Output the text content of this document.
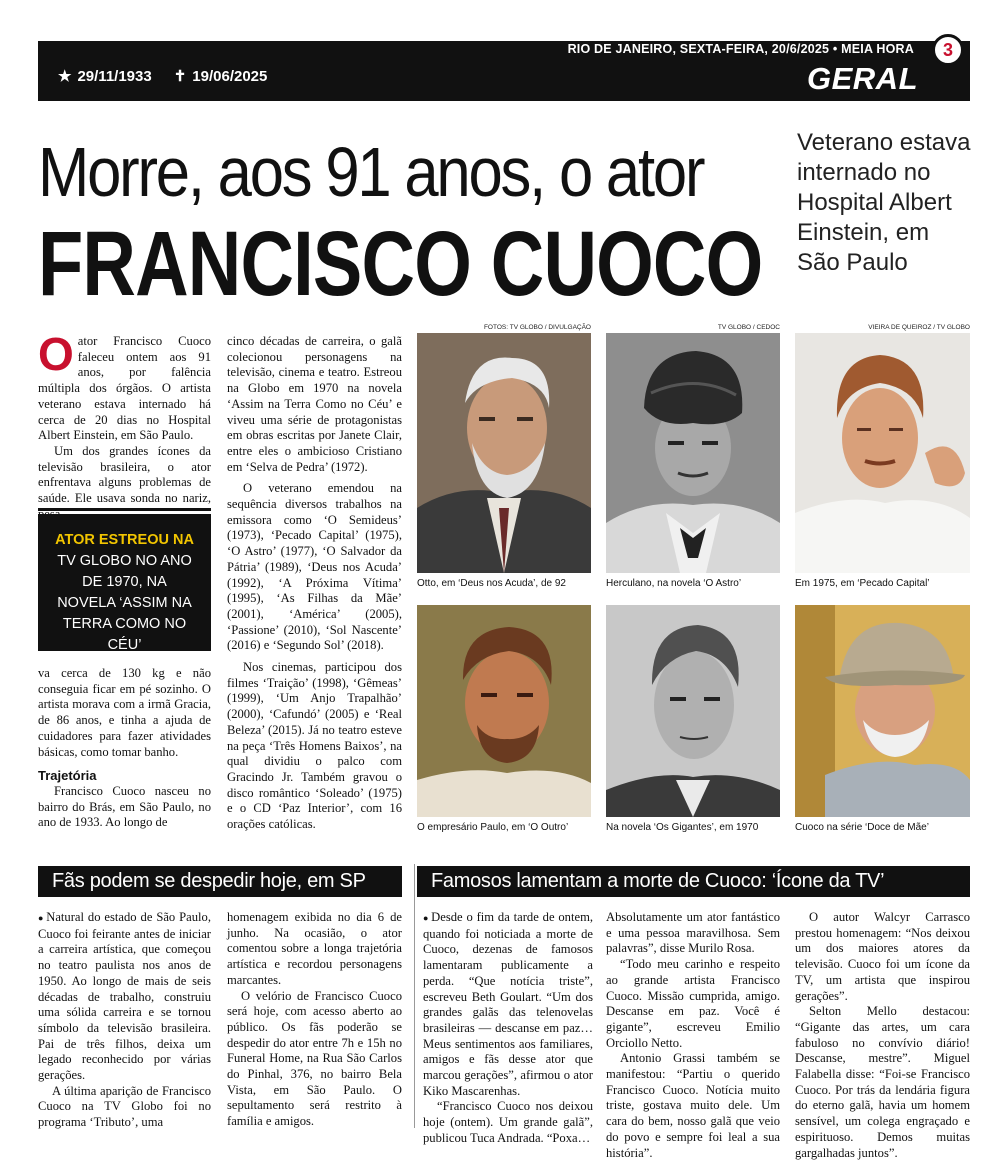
RIO DE JANEIRO, SEXTA-FEIRA, 20/6/2025 • MEIA HORA	3
★ 29/11/1933 ✝ 19/06/2025	GERAL
Morre, aos 91 anos, o ator
FRANCISCO CUOCO
Veterano estava internado no Hospital Albert Einstein, em São Paulo

Oator Francisco Cuoco faleceu ontem aos 91 anos, por falência múltipla dos órgãos. O artista veterano estava internado há cerca de 20 dias no Hospital Albert Einstein, em São Paulo.

Um dos grandes ícones da televisão brasileira, o ator enfrentava alguns problemas de saúde. Ele usava sonda no nariz,

ATOR ESTREOU NA
TV GLOBO NO ANO DE 1970, NA NOVELA ‘ASSIM NA TERRA COMO NO CÉU’

va cerca de 130 kg e não conseguia ficar em pé sozinho. O artista morava com a irmã Gracia, de 86 anos, e tinha a ajuda de cuidadores para fazer atividades básicas, como tomar banho.

Trajetória

Francisco Cuoco nasceu no bairro do Brás, em São Paulo, no ano de 1933. Ao longo de

cinco décadas de carreira, o galã colecionou personagens na televisão, cinema e teatro. Estreou na Globo em 1970 na novela ‘Assim na Terra Como no Céu’ e viveu uma série de protagonistas em obras escritas por Janete Clair, entre eles o ambicioso Cristiano em ‘Selva de Pedra’ (1972).

O veterano emendou na sequência diversos trabalhos na emissora como ‘O Semideus’ (1973), ‘Pecado Capital’ (1975), ‘O Astro’ (1977), ‘O Salvador da Pátria’ (1989), ‘Deus nos Acuda’ (1992), ‘A Próxima Vítima’ (1995), ‘As Filhas da Mãe’ (2001), ‘América’ (2005), ‘Passione’ (2010), ‘Sol Nascente’ (2016) e ‘Segundo Sol’ (2018).

Nos cinemas, participou dos filmes ‘Traição’ (1998), ‘Gêmeas’ (1999), ‘Um Anjo Trapalhão’ (2000), ‘Cafundó’ (2005) e ‘Real Beleza’ (2015). Já no teatro esteve na peça ‘Três Homens Baixos’, na qual dividiu o palco com Gracindo Jr. Também gravou o disco romântico ‘Soleado’ (1975) e o CD ‘Paz Interior’, com 16 orações católicas.

FOTOS: TV GLOBO / DIVULGAÇÃO	TV GLOBO / CEDOC	VIEIRA DE QUEIROZ / TV GLOBO
Otto, em ‘Deus nos Acuda’, de 92	Herculano, na novela ‘O Astro’	Em 1975, em ‘Pecado Capital’
O empresário Paulo, em ‘O Outro’	Na novela ‘Os Gigantes’, em 1970	Cuoco na série ‘Doce de Mãe’
Fãs podem se despedir hoje, em SP	Famosos lamentam a morte de Cuoco: ‘Ícone da TV’

● Natural do estado de São Paulo, Cuoco foi feirante antes de iniciar a carreira artística, que começou no teatro paulista nos anos de 1950. Ao longo de mais de seis décadas de trabalho, construiu uma sólida carreira e se tornou símbolo da televisão brasileira. Pai de três filhos, deixa um legado reconhecido por várias gerações.

A última aparição de Francisco Cuoco na TV Globo foi no programa ‘Tributo’, uma

homenagem exibida no dia 6 de junho. Na ocasião, o ator comentou sobre a longa trajetória artística e recordou personagens marcantes.

O velório de Francisco Cuoco será hoje, com acesso aberto ao público. Os fãs poderão se despedir do ator entre 7h e 15h no Funeral Home, na Rua São Carlos do Pinhal, 376, no bairro Bela Vista, em São Paulo. O sepultamento será restrito à família e amigos.

● Desde o fim da tarde de ontem, quando foi noticiada a morte de Cuoco, dezenas de famosos lamentaram publicamente a perda. “Que notícia triste”, escreveu Beth Goulart. “Um dos grandes galãs das telenovelas brasileiras — descanse em paz… Meus sentimentos aos familiares, amigos e fãs desse ator que marcou gerações”, afirmou o ator Kiko Mascarenhas.

“Francisco Cuoco nos deixou hoje (ontem). Um grande galã”, publicou Tuca Andrada. “Poxa…

Absolutamente um ator fantástico e uma pessoa maravilhosa. Sem palavras”, disse Murilo Rosa.

“Todo meu carinho e respeito ao grande artista Francisco Cuoco. Missão cumprida, amigo. Descanse em paz. Você é gigante”, escreveu Emilio Orciollo Netto.

Antonio Grassi também se manifestou: “Partiu o querido Francisco Cuoco. Notícia muito triste, gostava muito dele. Um cara do bem, nosso galã que veio do povo e sempre foi leal a sua história”.

O autor Walcyr Carrasco prestou homenagem: “Nos deixou um dos maiores atores da televisão. Cuoco foi um ícone da TV, um artista que inspirou gerações”.

Selton Mello destacou: “Gigante das artes, um cara fabuloso no convívio diário! Descanse, mestre”. Miguel Falabella disse: “Foi-se Francisco Cuoco. Por trás da lendária figura do eterno galã, havia um homem sensível, um colega engraçado e espirituoso. Demos muitas gargalhadas juntos”.
